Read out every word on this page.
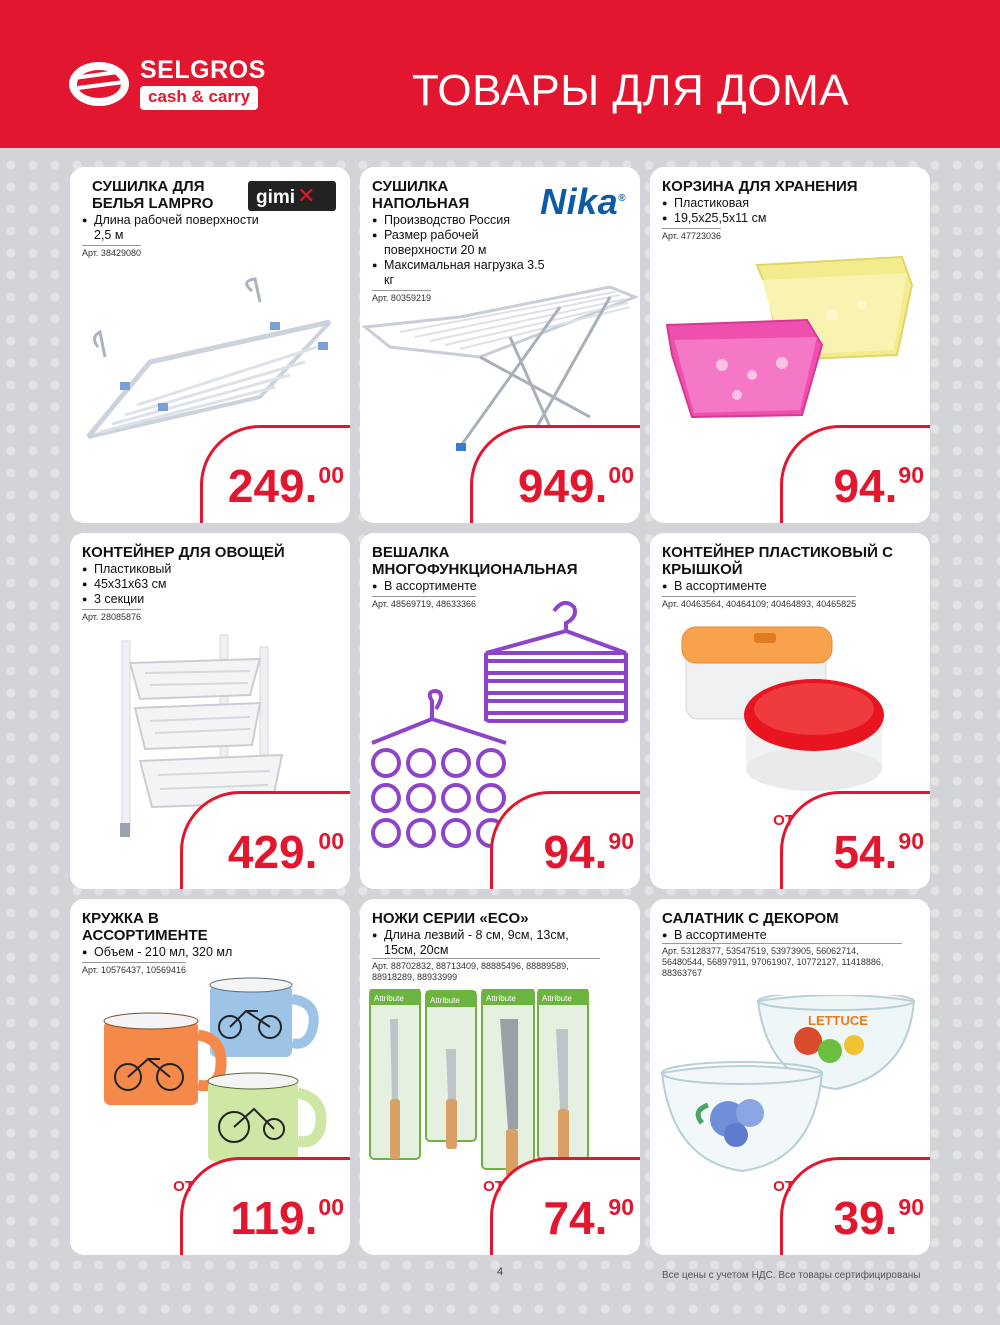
SELGROS
cash & carry	ТОВАРЫ ДЛЯ ДОМА
СУШИЛКА ДЛЯ БЕЛЬЯ LAMPRO
● Длина рабочей поверхности 2,5 м
Арт. 38429080
gimi✕
249.00
СУШИЛКА НАПОЛЬНАЯ
● Производство Россия
● Размер рабочей поверхности 20 м
● Максимальная нагрузка 3.5 кг
Арт. 80359219
Nika®
949.00
КОРЗИНА ДЛЯ ХРАНЕНИЯ
● Пластиковая
● 19,5х25,5х11 см
Арт. 47723036
94.90
КОНТЕЙНЕР ДЛЯ ОВОЩЕЙ
● Пластиковый
● 45х31х63 см
● 3 секции
Арт. 28085876
429.00
ВЕШАЛКА МНОГОФУНКЦИОНАЛЬНАЯ
● В ассортименте
Арт. 48569719, 48633366
94.90
КОНТЕЙНЕР ПЛАСТИКОВЫЙ С КРЫШКОЙ
● В ассортименте
Арт. 40463564, 40464109; 40464893, 40465825
ОТ
54.90
КРУЖКА В АССОРТИМЕНТЕ
● Объем - 210 мл, 320 мл
Арт. 10576437, 10569416
ОТ
119.00
НОЖИ СЕРИИ «ECO»
● Длина лезвий - 8 см, 9см, 13см, 15см, 20см
Арт. 88702832, 88713409, 88885496, 88889589, 88918289, 88933999
Attribute	Attribute	Attribute	Attribute
ОТ
74.90
САЛАТНИК С ДЕКОРОМ
● В ассортименте
Арт. 53128377, 53547519, 53973905, 56062714, 56480544, 56897911, 97061907, 10772127, 11418886, 88363767
LETTUCE
ОТ
39.90
4	Все цены с учетом НДС. Все товары сертифицированы
